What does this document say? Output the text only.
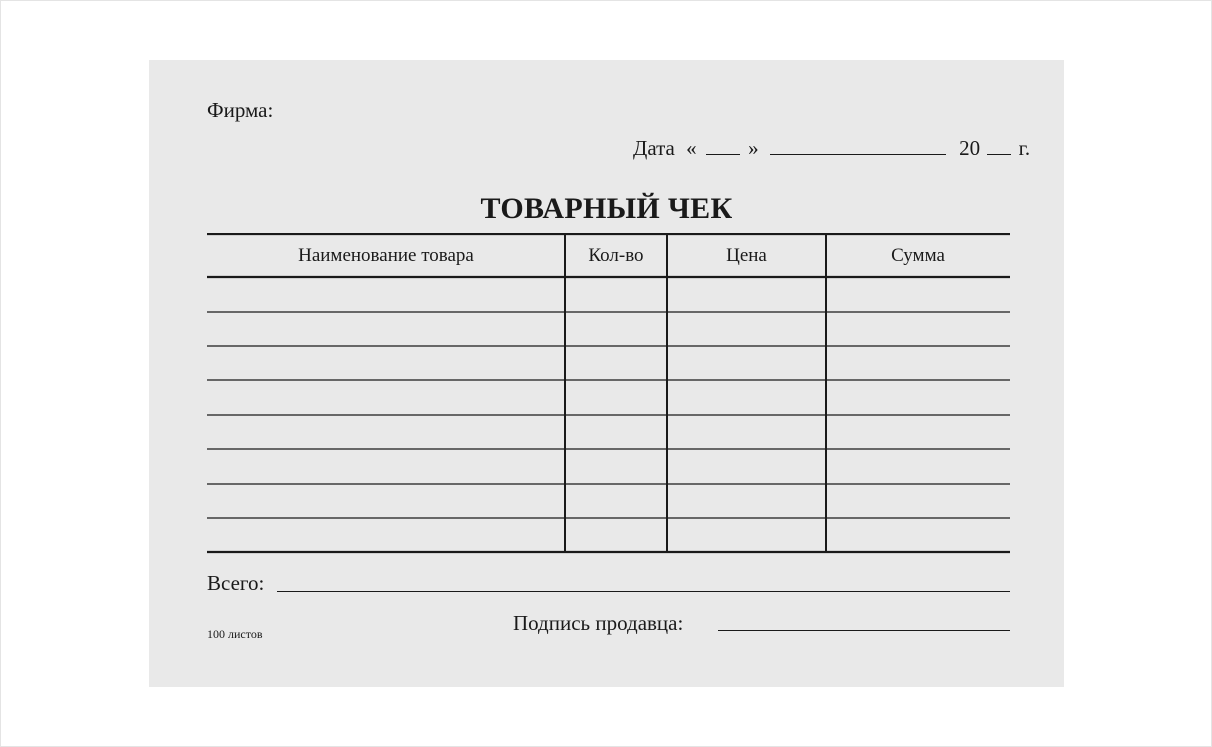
Фирма:
Дата « »	20 г.
ТОВАРНЫЙ ЧЕК
Наименование товара	Кол-во	Цена	Сумма
Всего:
Подпись продавца:
100 листов
